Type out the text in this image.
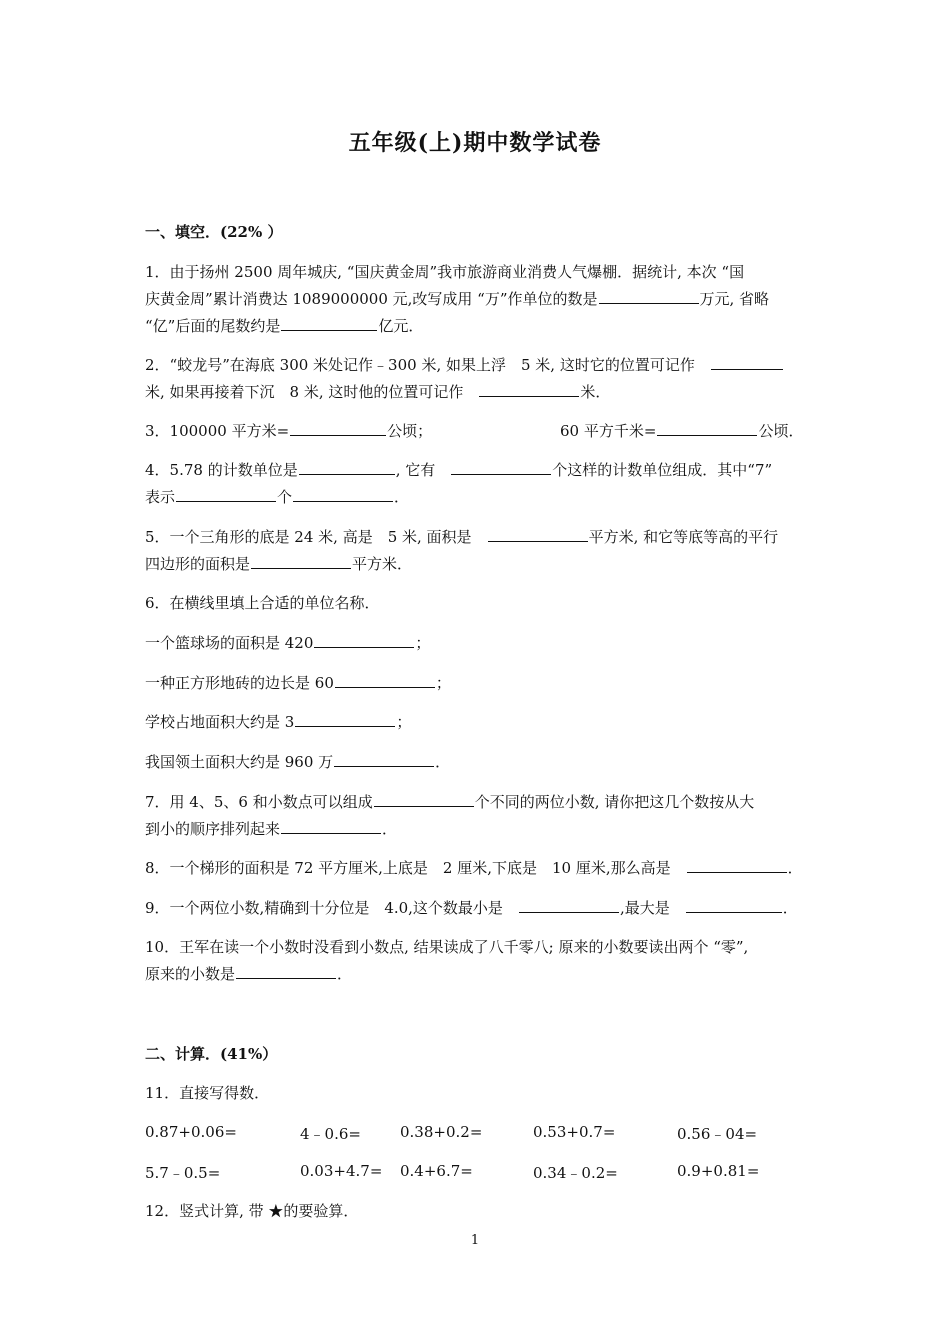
五年级(上)期中数学试卷
一、填空．(22% ）
1．由于扬州 2500 周年城庆, “国庆黄金周”我市旅游商业消费人气爆棚．据统计, 本次 “国
庆黄金周”累计消费达 1089000000 元,改写成用 “万”作单位的数是	万元, 省略
“亿”后面的尾数约是	亿元．
2．“蛟龙号”在海底 300 米处记作﹣300 米, 如果上浮　5 米, 这时它的位置可记作　
米, 如果再接着下沉　8 米, 这时他的位置可记作　	米．
3．100000 平方米=	公顷；	60 平方千米=	公顷．
4．5.78 的计数单位是	, 它有　	个这样的计数单位组成．其中“7”
表示	个	．
5．一个三角形的底是 24 米, 高是　5 米, 面积是　	平方米, 和它等底等高的平行
四边形的面积是	平方米．
6．在横线里填上合适的单位名称．
一个篮球场的面积是 420	；
一种正方形地砖的边长是 60	；
学校占地面积大约是 3	；
我国领土面积大约是 960 万	．
7．用 4、5、6 和小数点可以组成	个不同的两位小数, 请你把这几个数按从大
到小的顺序排列起来	．
8．一个梯形的面积是 72 平方厘米,上底是　2 厘米,下底是　10 厘米,那么高是　	．
9．一个两位小数,精确到十分位是　4.0,这个数最小是　	,最大是　	．
10．王军在读一个小数时没看到小数点, 结果读成了八千零八; 原来的小数要读出两个 “零”,
原来的小数是	．
二、计算．(41%）
11．直接写得数．
0.87+0.06=	4﹣0.6=	0.38+0.2=	0.53+0.7=	0.56﹣04=
5.7﹣0.5=	0.03+4.7= 0.4+6.7=	0.34﹣0.2=	0.9+0.81=
12．竖式计算, 带 ★的要验算．
1
